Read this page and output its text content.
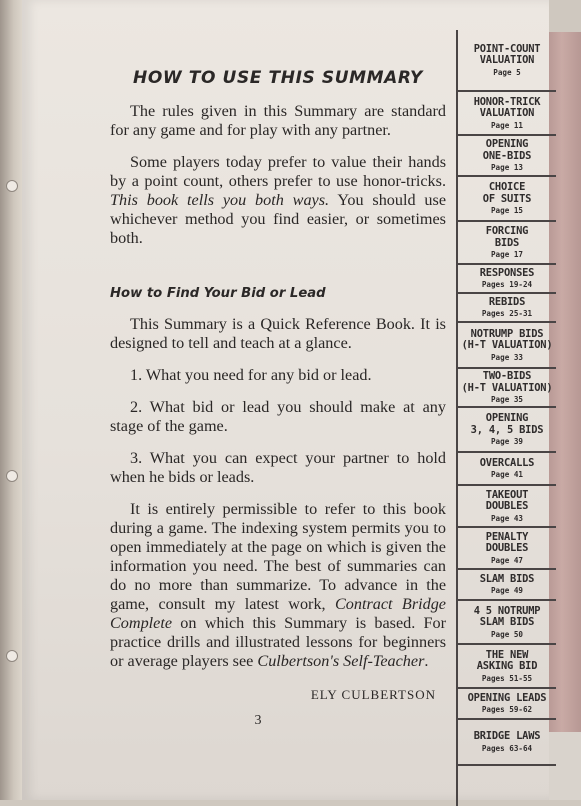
HOW TO USE THIS SUMMARY

The rules given in this Summary are standard for any game and for play with any partner.

Some players today prefer to value their hands by a point count, others prefer to use honor-tricks. This book tells you both ways. You should use whichever method you find easier, or sometimes both.

How to Find Your Bid or Lead

This Summary is a Quick Reference Book. It is designed to tell and teach at a glance.

1. What you need for any bid or lead.

2. What bid or lead you should make at any stage of the game.

3. What you can expect your partner to hold when he bids or leads.

It is entirely permissible to refer to this book during a game. The indexing system permits you to open immediately at the page on which is given the information you need. The best of summaries can do no more than summarize. To advance in the game, consult my latest work, Contract Bridge Complete on which this Summary is based. For practice drills and illustrated lessons for beginners or average players see Culbertson's Self-Teacher.

ELY CULBERTSON
3
POINT-COUNT
VALUATION
Page 5
HONOR-TRICK
VALUATION
Page 11
OPENING
ONE-BIDS
Page 13
CHOICE
OF SUITS
Page 15
FORCING
BIDS
Page 17
RESPONSES
Pages 19-24
REBIDS
Pages 25-31
NOTRUMP BIDS
(H-T VALUATION)
Page 33
TWO-BIDS
(H-T VALUATION)
Page 35
OPENING
3, 4, 5 BIDS
Page 39
OVERCALLS
Page 41
TAKEOUT
DOUBLES
Page 43
PENALTY
DOUBLES
Page 47
SLAM BIDS
Page 49
4 5 NOTRUMP
SLAM BIDS
Page 50
THE NEW
ASKING BID
Pages 51-55
OPENING LEADS
Pages 59-62
BRIDGE LAWS
Pages 63-64
